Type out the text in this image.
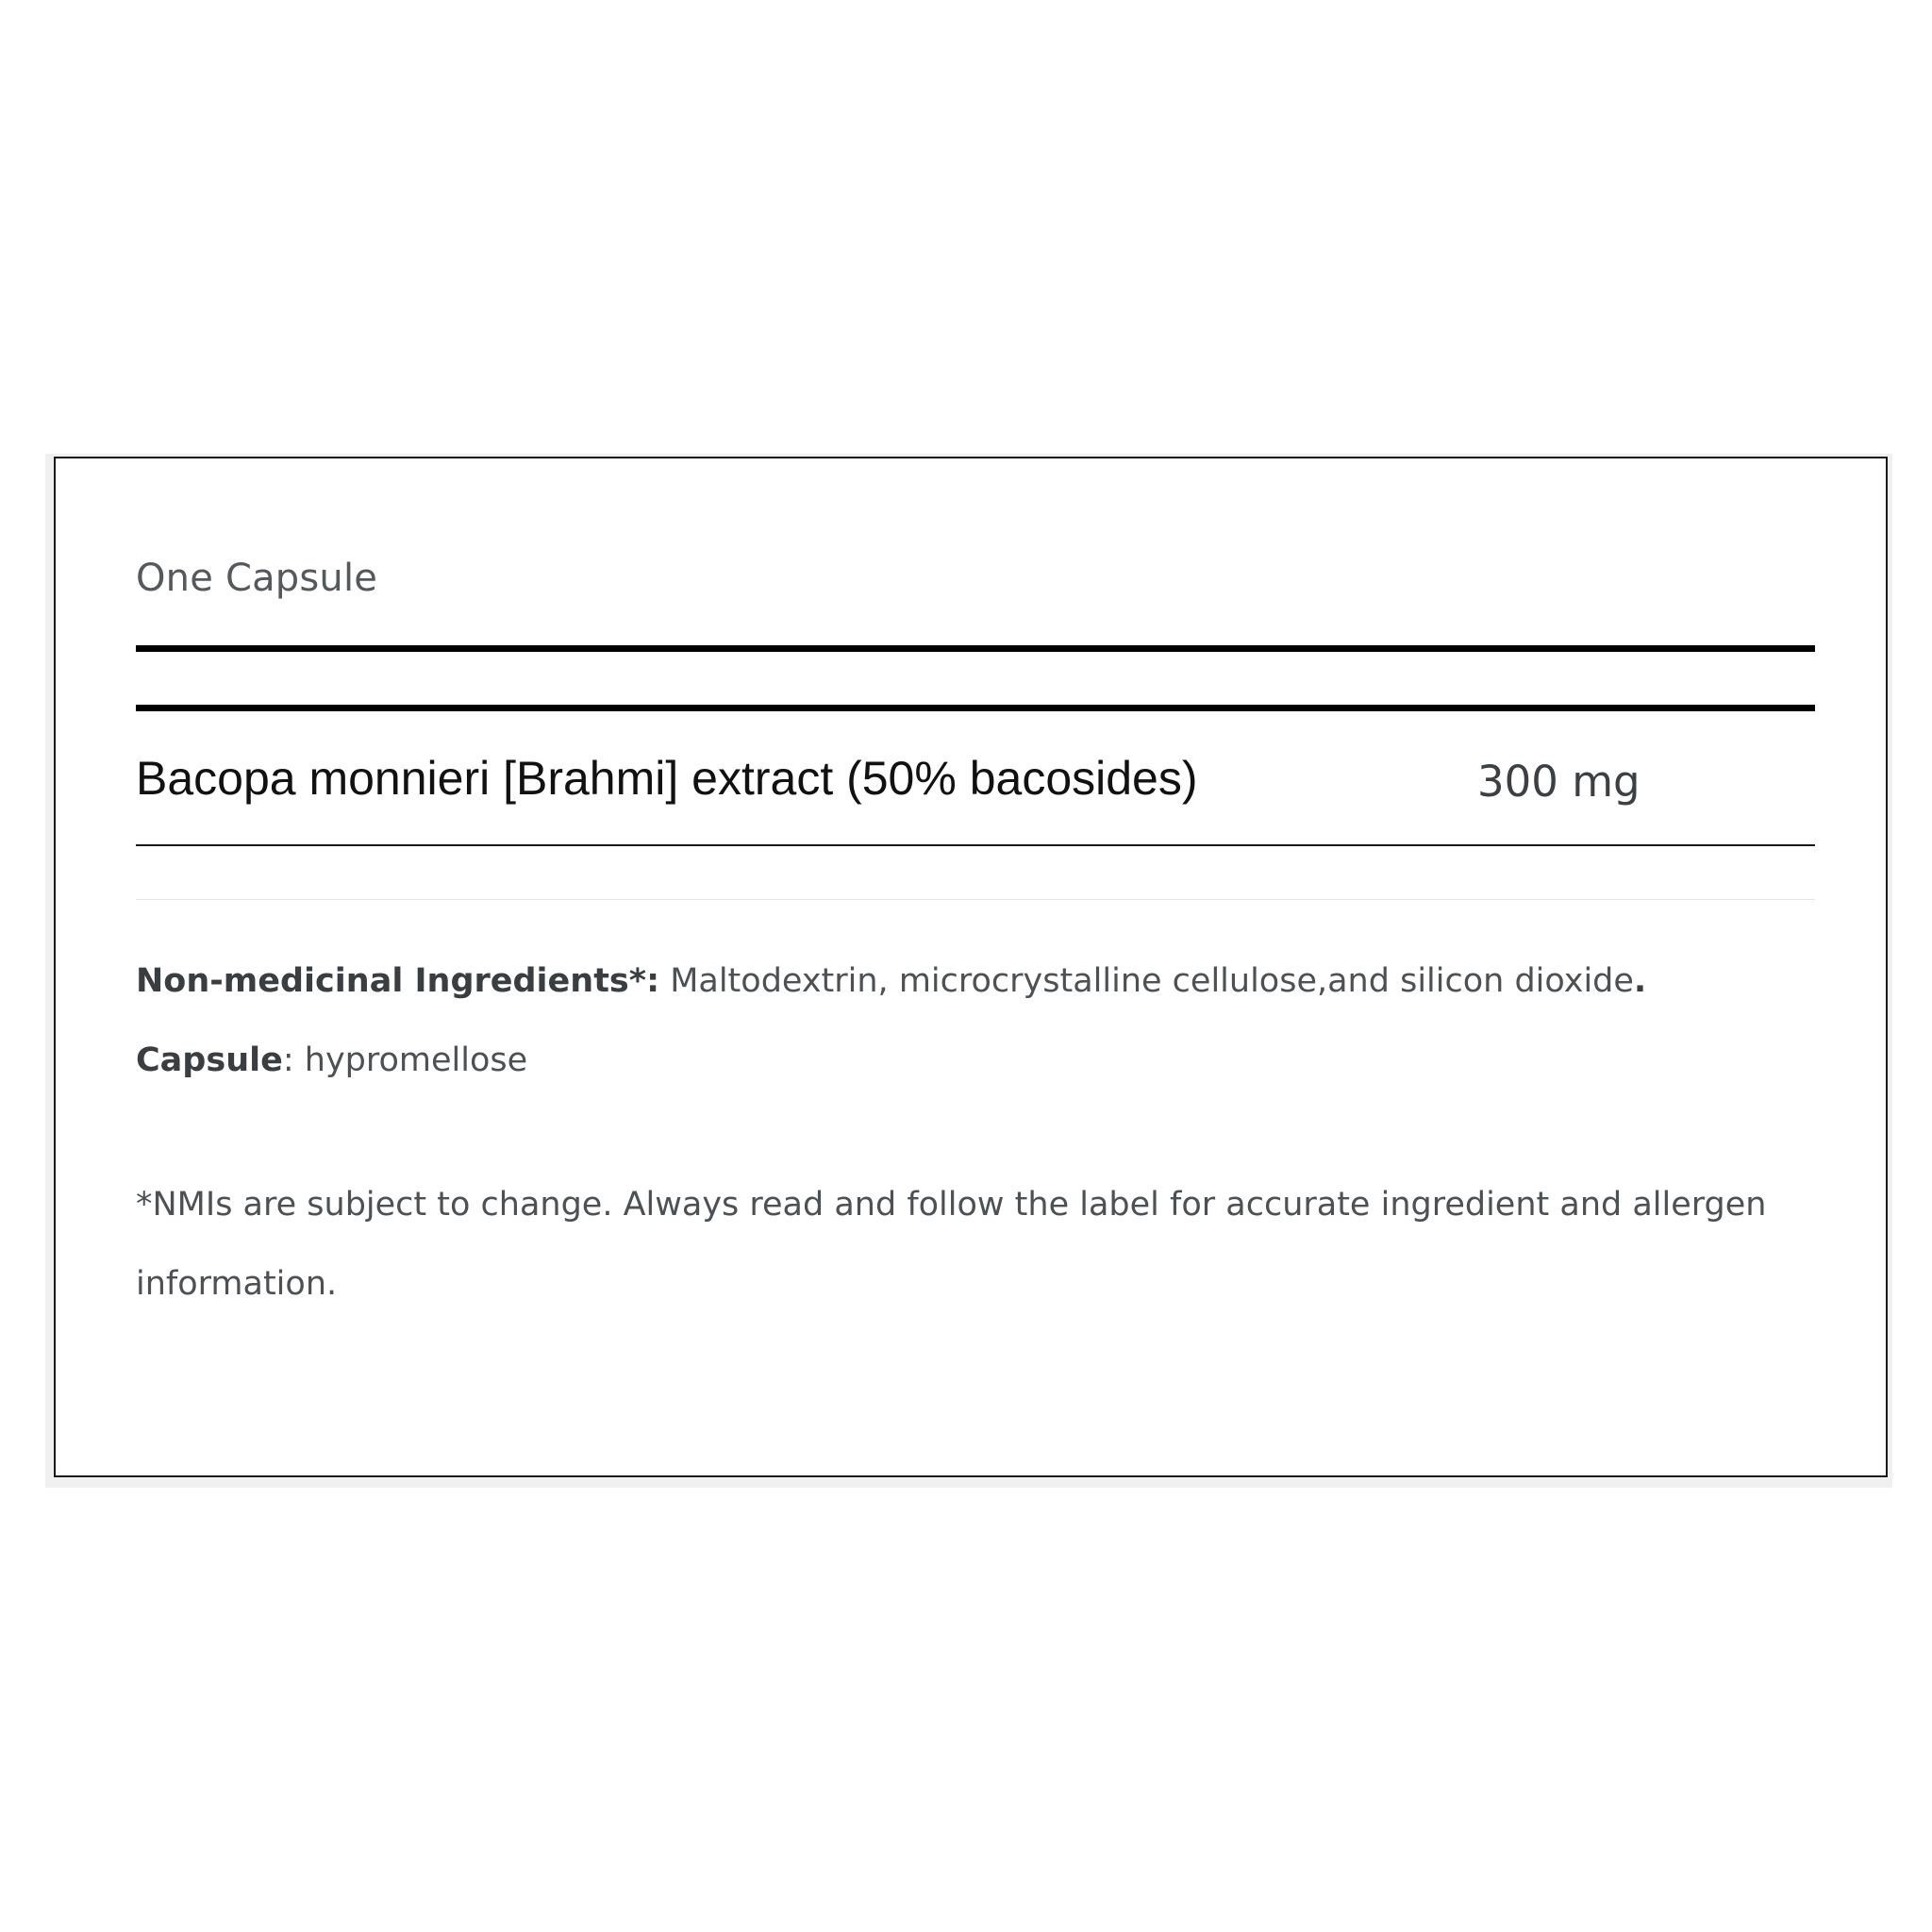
One Capsule
Bacopa monnieri [Brahmi] extract (50% bacosides)	300 mg
Non-medicinal Ingredients*: Maltodextrin, microcrystalline cellulose,and silicon dioxide. Capsule: hypromellose
*NMIs are subject to change. Always read and follow the label for accurate ingredient and allergen information.
